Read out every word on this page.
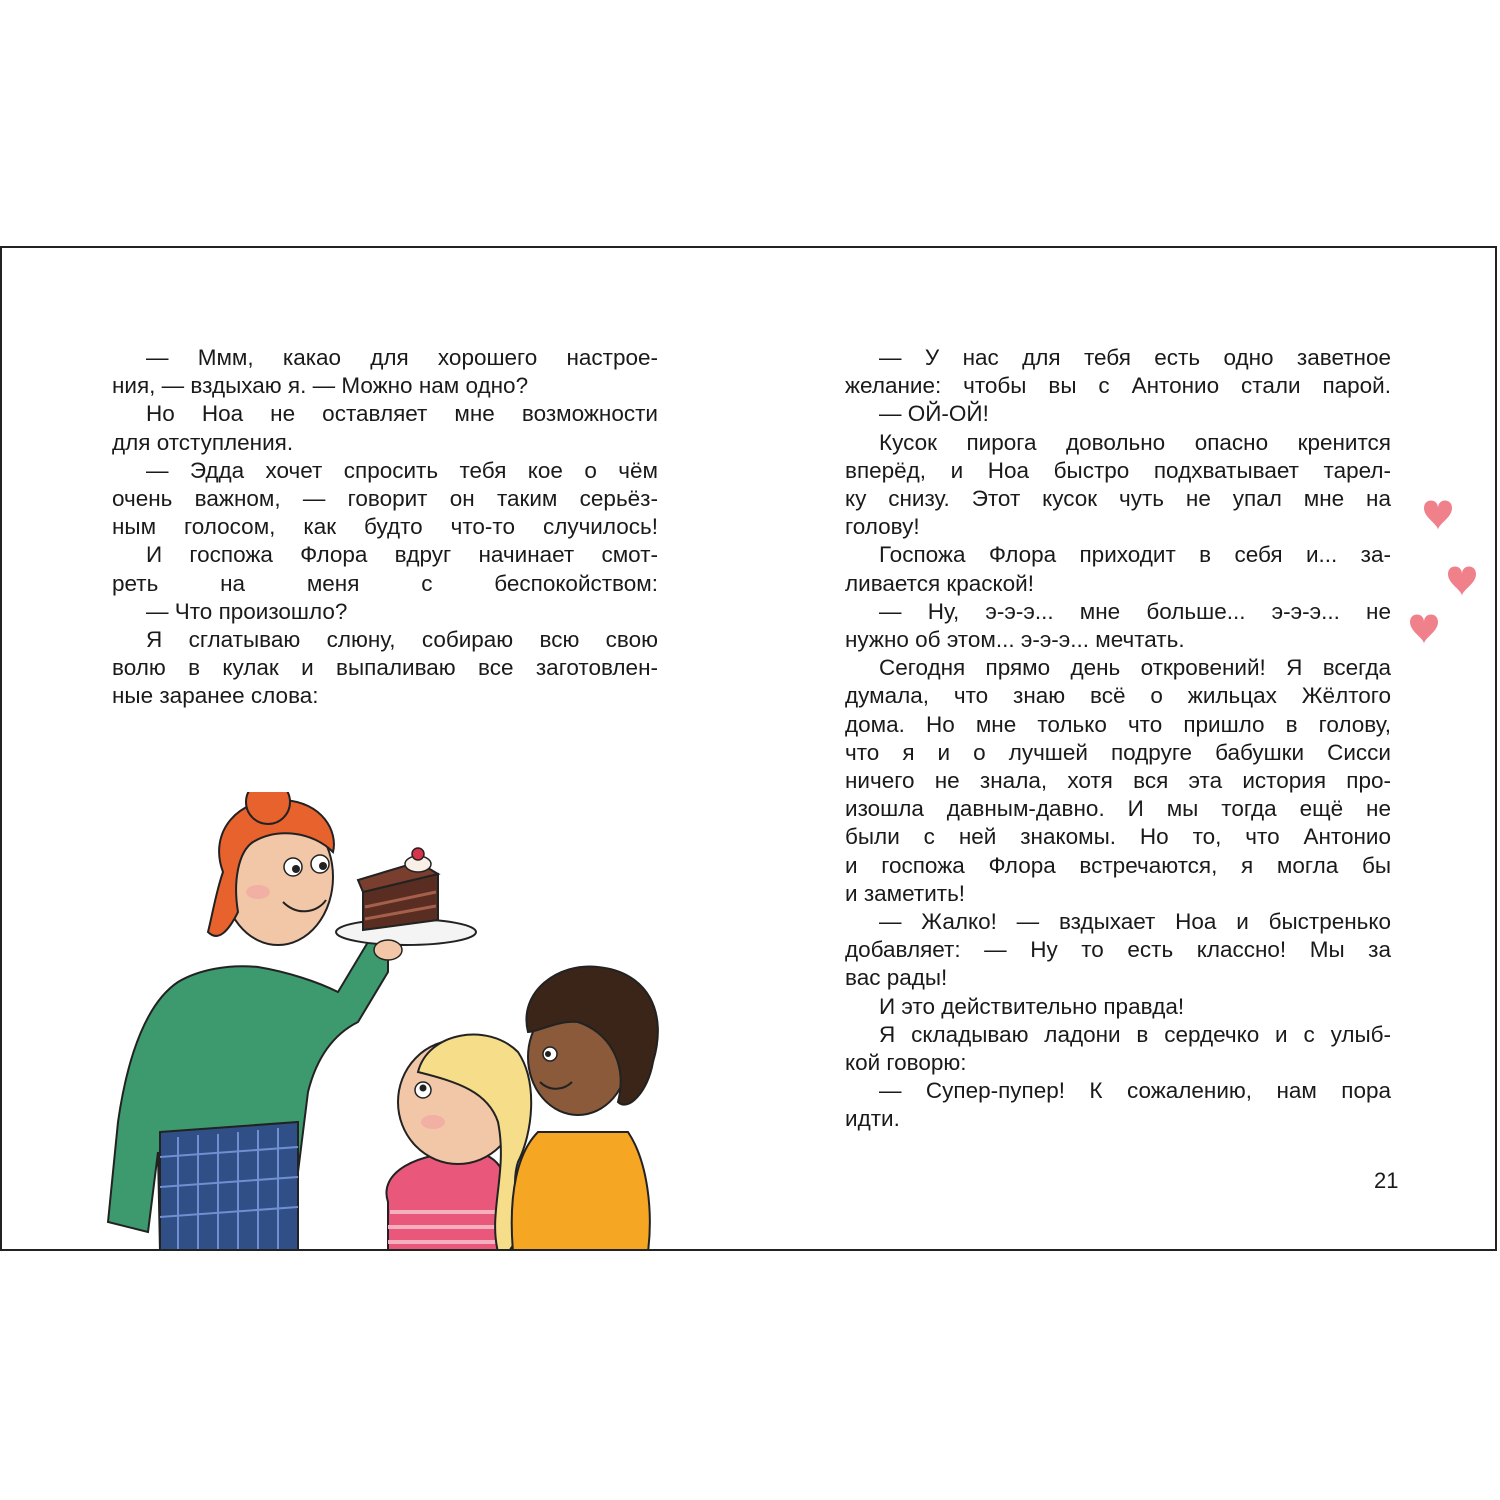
— Ммм, какао для хорошего настрое-

ния, — вздыхаю я. — Можно нам одно?

Но Ноа не оставляет мне возможности

для отступления.

— Эдда хочет спросить тебя кое о чём

очень важном, — говорит он таким серьёз-

ным голосом, как будто что-то случилось!

И госпожа Флора вдруг начинает смот-

реть на меня с беспокойством:

— Что произошло?

Я сглатываю слюну, собираю всю свою

волю в кулак и выпаливаю все заготовлен-

ные заранее слова:

— У нас для тебя есть одно заветное

желание: чтобы вы с Антонио стали парой.

— ОЙ-ОЙ!

Кусок пирога довольно опасно кренится

вперёд, и Ноа быстро подхватывает тарел-

ку снизу. Этот кусок чуть не упал мне на

голову!

Госпожа Флора приходит в себя и... за-

ливается краской!

— Ну, э-э-э... мне больше... э-э-э... не

нужно об этом... э-э-э... мечтать.

Сегодня прямо день откровений! Я всегда

думала, что знаю всё о жильцах Жёлтого

дома. Но мне только что пришло в голову,

что я и о лучшей подруге бабушки Сисси

ничего не знала, хотя вся эта история про-

изошла давным-давно. И мы тогда ещё не

были с ней знакомы. Но то, что Антонио

и госпожа Флора встречаются, я могла бы

и заметить!

— Жалко! — вздыхает Ноа и быстренько

добавляет: — Ну то есть классно! Мы за

вас рады!

И это действительно правда!

Я складываю ладони в сердечко и с улыб-

кой говорю:

— Супер-пупер! К сожалению, нам пора

идти.

21
